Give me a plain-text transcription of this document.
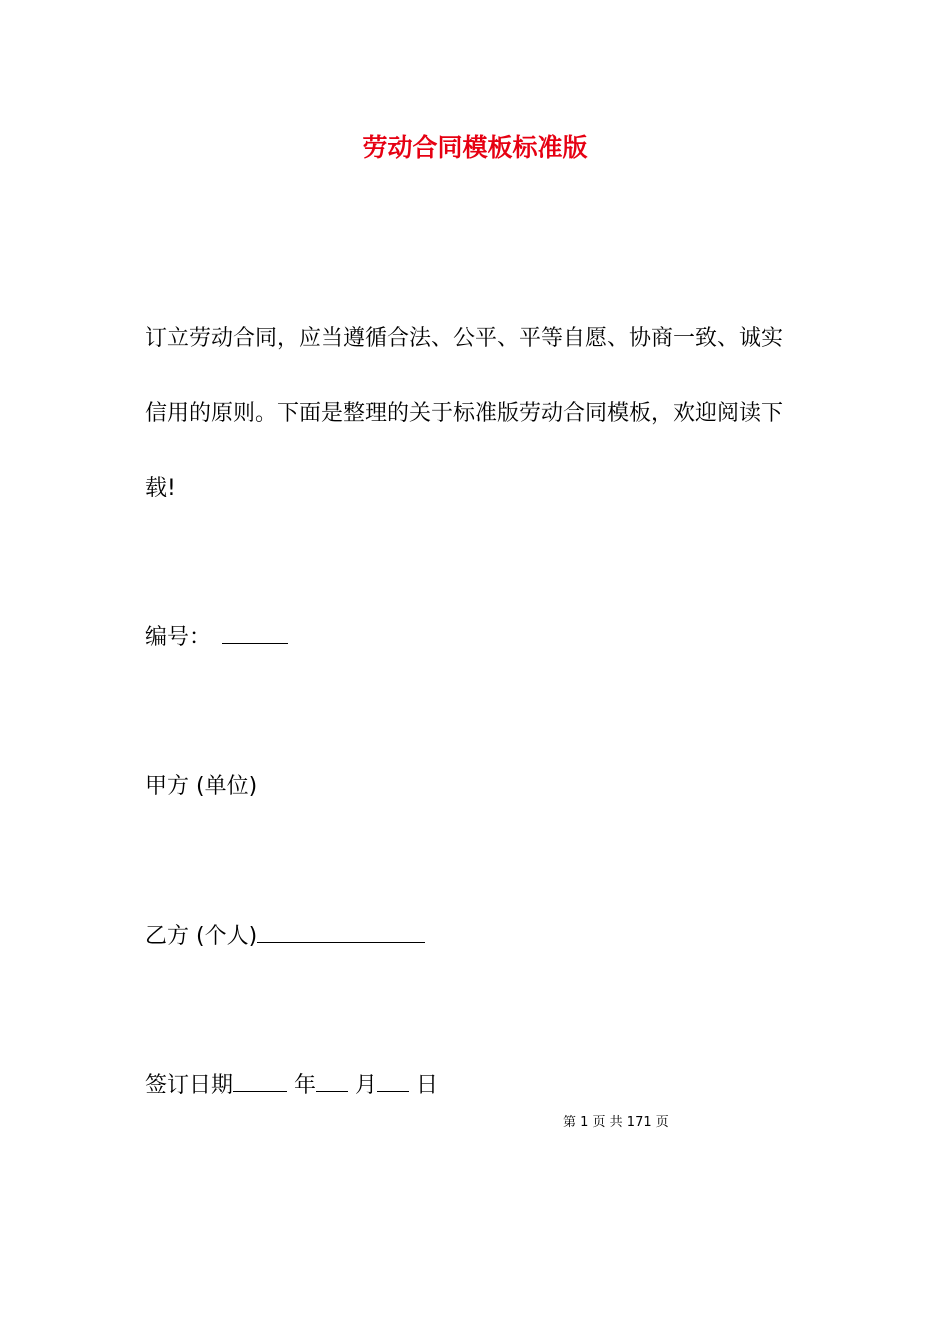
劳动合同模板标准版
订立劳动合同，应当遵循合法、公平、平等自愿、协商一致、诚实
信用的原则。下面是整理的关于标准版劳动合同模板，欢迎阅读下
载!
编号：
甲方 (单位)
乙方 (个人)
签订日期	年 月 日
第 1 页 共 171 页
